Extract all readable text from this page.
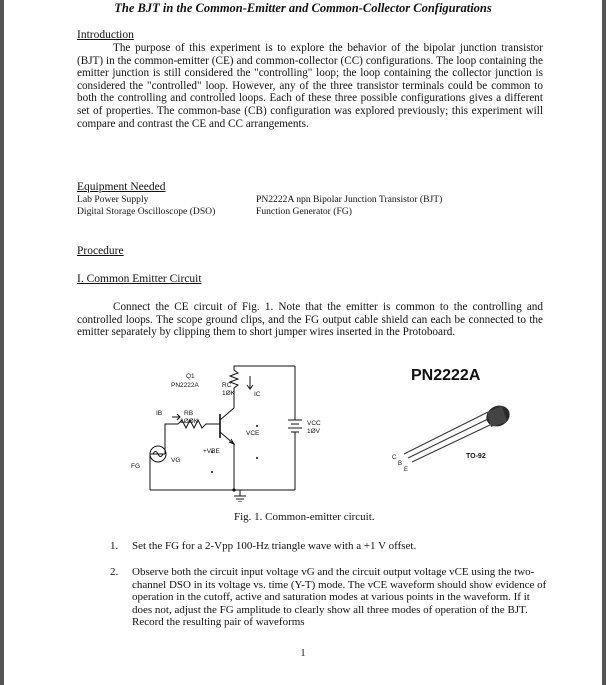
The BJT in the Common-Emitter and Common-Collector Configurations
Introduction
The purpose of this experiment is to explore the behavior of the bipolar junction transistor (BJT) in the common-emitter (CE) and common-collector (CC) configurations. The loop containing the emitter junction is still considered the "controlling" loop; the loop containing the collector junction is considered the "controlled" loop. However, any of the three transistor terminals could be common to both the controlling and controlled loops. Each of these three possible configurations gives a different set of properties. The common-base (CB) configuration was explored previously; this experiment will compare and contrast the CE and CC arrangements.
Equipment Needed
Lab Power Supply
Digital Storage Oscilloscope (DSO)
PN2222A npn Bipolar Junction Transistor (BJT)
Function Generator (FG)
Procedure
I. Common Emitter Circuit
Connect the CE circuit of Fig. 1. Note that the emitter is common to the controlling and controlled loops. The scope ground clips, and the FG output cable shield can each be connected to the emitter separately by clipping them to short jumper wires inserted in the Protoboard.
Q1
PN2222A	RC
1ØK	IC
RB
1ØØK
IB
VCE
+VBE
VCC
1ØV
VG
FG
PN2222A
C
B
E
TO-92
Fig. 1. Common-emitter circuit.
1. Set the FG for a 2-Vpp 100-Hz triangle wave with a +1 V offset.
2. Observe both the circuit input voltage vG and the circuit output voltage vCE using the two-channel DSO in its voltage vs. time (Y-T) mode. The vCE waveform should show evidence of operation in the cutoff, active and saturation modes at various points in the waveform. If it does not, adjust the FG amplitude to clearly show all three modes of operation of the BJT. Record the resulting pair of waveforms
1
